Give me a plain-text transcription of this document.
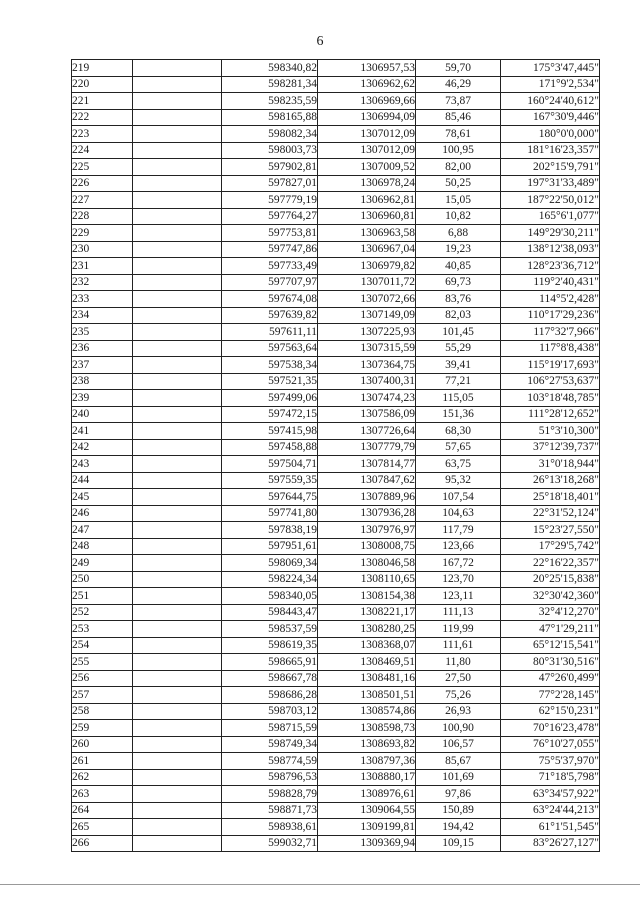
6
219		598340,82	1306957,53	59,70	175°3'47,445"
220		598281,34	1306962,62	46,29	171°9'2,534"
221		598235,59	1306969,66	73,87	160°24'40,612"
222		598165,88	1306994,09	85,46	167°30'9,446"
223		598082,34	1307012,09	78,61	180°0'0,000"
224		598003,73	1307012,09	100,95	181°16'23,357"
225		597902,81	1307009,52	82,00	202°15'9,791"
226		597827,01	1306978,24	50,25	197°31'33,489"
227		597779,19	1306962,81	15,05	187°22'50,012"
228		597764,27	1306960,81	10,82	165°6'1,077"
229		597753,81	1306963,58	6,88	149°29'30,211"
230		597747,86	1306967,04	19,23	138°12'38,093"
231		597733,49	1306979,82	40,85	128°23'36,712"
232		597707,97	1307011,72	69,73	119°2'40,431"
233		597674,08	1307072,66	83,76	114°5'2,428"
234		597639,82	1307149,09	82,03	110°17'29,236"
235		597611,11	1307225,93	101,45	117°32'7,966"
236		597563,64	1307315,59	55,29	117°8'8,438"
237		597538,34	1307364,75	39,41	115°19'17,693"
238		597521,35	1307400,31	77,21	106°27'53,637"
239		597499,06	1307474,23	115,05	103°18'48,785"
240		597472,15	1307586,09	151,36	111°28'12,652"
241		597415,98	1307726,64	68,30	51°3'10,300"
242		597458,88	1307779,79	57,65	37°12'39,737"
243		597504,71	1307814,77	63,75	31°0'18,944"
244		597559,35	1307847,62	95,32	26°13'18,268"
245		597644,75	1307889,96	107,54	25°18'18,401"
246		597741,80	1307936,28	104,63	22°31'52,124"
247		597838,19	1307976,97	117,79	15°23'27,550"
248		597951,61	1308008,75	123,66	17°29'5,742"
249		598069,34	1308046,58	167,72	22°16'22,357"
250		598224,34	1308110,65	123,70	20°25'15,838"
251		598340,05	1308154,38	123,11	32°30'42,360"
252		598443,47	1308221,17	111,13	32°4'12,270"
253		598537,59	1308280,25	119,99	47°1'29,211"
254		598619,35	1308368,07	111,61	65°12'15,541"
255		598665,91	1308469,51	11,80	80°31'30,516"
256		598667,78	1308481,16	27,50	47°26'0,499"
257		598686,28	1308501,51	75,26	77°2'28,145"
258		598703,12	1308574,86	26,93	62°15'0,231"
259		598715,59	1308598,73	100,90	70°16'23,478"
260		598749,34	1308693,82	106,57	76°10'27,055"
261		598774,59	1308797,36	85,67	75°5'37,970"
262		598796,53	1308880,17	101,69	71°18'5,798"
263		598828,79	1308976,61	97,86	63°34'57,922"
264		598871,73	1309064,55	150,89	63°24'44,213"
265		598938,61	1309199,81	194,42	61°1'51,545"
266		599032,71	1309369,94	109,15	83°26'27,127"
